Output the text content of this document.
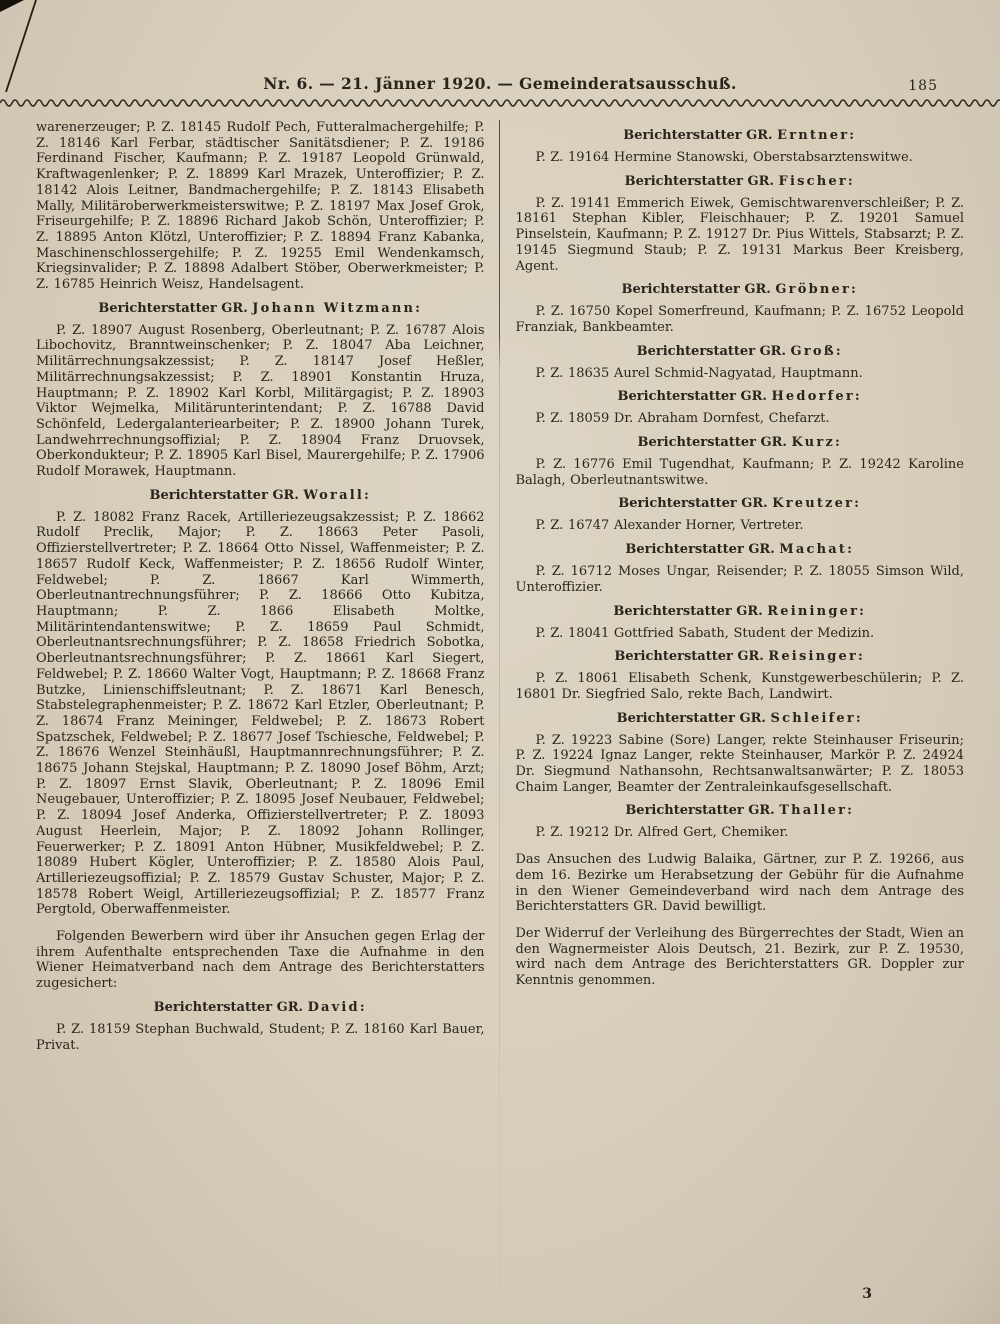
Nr. 6. — 21. Jänner 1920. — Gemeinderatsausschuß.	185

warenerzeuger; P. Z. 18145 Rudolf Pech, Futteralmachergehilfe; P. Z. 18146 Karl Ferbar, städtischer Sanitätsdiener; P. Z. 19186 Ferdinand Fischer, Kaufmann; P. Z. 19187 Leopold Grünwald, Kraftwagenlenker; P. Z. 18899 Karl Mrazek, Unteroffizier; P. Z. 18142 Alois Leitner, Bandmachergehilfe; P. Z. 18143 Elisabeth Mally, Militäroberwerkmeisterswitwe; P. Z. 18197 Max Josef Grok, Friseurgehilfe; P. Z. 18896 Richard Jakob Schön, Unteroffizier; P. Z. 18895 Anton Klötzl, Unteroffizier; P. Z. 18894 Franz Kabanka, Maschinenschlossergehilfe; P. Z. 19255 Emil Wendenkamsch, Kriegsinvalider; P. Z. 18898 Adalbert Stöber, Oberwerkmeister; P. Z. 16785 Heinrich Weisz, Handelsagent.

Berichterstatter GR. Johann Witzmann:

P. Z. 18907 August Rosenberg, Oberleutnant; P. Z. 16787 Alois Libochovitz, Branntweinschenker; P. Z. 18047 Aba Leichner, Militärrechnungsakzessist; P. Z. 18147 Josef Heßler, Militärrechnungsakzessist; P. Z. 18901 Konstantin Hruza, Hauptmann; P. Z. 18902 Karl Korbl, Militärgagist; P. Z. 18903 Viktor Wejmelka, Militärunterintendant; P. Z. 16788 David Schönfeld, Ledergalanteriearbeiter; P. Z. 18900 Johann Turek, Landwehrrechnungsoffizial; P. Z. 18904 Franz Druovsek, Oberkondukteur; P. Z. 18905 Karl Bisel, Maurergehilfe; P. Z. 17906 Rudolf Morawek, Hauptmann.

Berichterstatter GR. Worall:

P. Z. 18082 Franz Racek, Artilleriezeugsakzessist; P. Z. 18662 Rudolf Preclik, Major; P. Z. 18663 Peter Pasoli, Offizierstellvertreter; P. Z. 18664 Otto Nissel, Waffenmeister; P. Z. 18657 Rudolf Keck, Waffenmeister; P. Z. 18656 Rudolf Winter, Feldwebel; P. Z. 18667 Karl Wimmerth, Oberleutnantrechnungsführer; P. Z. 18666 Otto Kubitza, Hauptmann; P. Z. 1866 Elisabeth Moltke, Militärintendantenswitwe; P. Z. 18659 Paul Schmidt, Oberleutnantsrechnungsführer; P. Z. 18658 Friedrich Sobotka, Oberleutnantsrechnungsführer; P. Z. 18661 Karl Siegert, Feldwebel; P. Z. 18660 Walter Vogt, Hauptmann; P. Z. 18668 Franz Butzke, Linienschiffsleutnant; P. Z. 18671 Karl Benesch, Stabstelegraphenmeister; P. Z. 18672 Karl Etzler, Oberleutnant; P. Z. 18674 Franz Meininger, Feldwebel; P. Z. 18673 Robert Spatzschek, Feldwebel; P. Z. 18677 Josef Tschiesche, Feldwebel; P. Z. 18676 Wenzel Steinhäußl, Hauptmannrechnungsführer; P. Z. 18675 Johann Stejskal, Hauptmann; P. Z. 18090 Josef Böhm, Arzt; P. Z. 18097 Ernst Slavik, Oberleutnant; P. Z. 18096 Emil Neugebauer, Unteroffizier; P. Z. 18095 Josef Neubauer, Feldwebel; P. Z. 18094 Josef Anderka, Offizierstellvertreter; P. Z. 18093 August Heerlein, Major; P. Z. 18092 Johann Rollinger, Feuerwerker; P. Z. 18091 Anton Hübner, Musikfeldwebel; P. Z. 18089 Hubert Kögler, Unteroffizier; P. Z. 18580 Alois Paul, Artilleriezeugsoffizial; P. Z. 18579 Gustav Schuster, Major; P. Z. 18578 Robert Weigl, Artilleriezeugsoffizial; P. Z. 18577 Franz Pergtold, Oberwaffenmeister.

Folgenden Bewerbern wird über ihr Ansuchen gegen Erlag der ihrem Aufenthalte entsprechenden Taxe die Aufnahme in den Wiener Heimatverband nach dem Antrage des Berichterstatters zugesichert:

Berichterstatter GR. David:

P. Z. 18159 Stephan Buchwald, Student; P. Z. 18160 Karl Bauer, Privat.

Berichterstatter GR. Erntner:

P. Z. 19164 Hermine Stanowski, Oberstabsarztenswitwe.

Berichterstatter GR. Fischer:

P. Z. 19141 Emmerich Eiwek, Gemischtwarenverschleißer; P. Z. 18161 Stephan Kibler, Fleischhauer; P. Z. 19201 Samuel Pinselstein, Kaufmann; P. Z. 19127 Dr. Pius Wittels, Stabsarzt; P. Z. 19145 Siegmund Staub; P. Z. 19131 Markus Beer Kreisberg, Agent.

Berichterstatter GR. Gröbner:

P. Z. 16750 Kopel Somerfreund, Kaufmann; P. Z. 16752 Leopold Franziak, Bankbeamter.

Berichterstatter GR. Groß:

P. Z. 18635 Aurel Schmid-Nagyatad, Hauptmann.

Berichterstatter GR. Hedorfer:

P. Z. 18059 Dr. Abraham Dornfest, Chefarzt.

Berichterstatter GR. Kurz:

P. Z. 16776 Emil Tugendhat, Kaufmann; P. Z. 19242 Karoline Balagh, Oberleutnantswitwe.

Berichterstatter GR. Kreutzer:

P. Z. 16747 Alexander Horner, Vertreter.

Berichterstatter GR. Machat:

P. Z. 16712 Moses Ungar, Reisender; P. Z. 18055 Simson Wild, Unteroffizier.

Berichterstatter GR. Reininger:

P. Z. 18041 Gottfried Sabath, Student der Medizin.

Berichterstatter GR. Reisinger:

P. Z. 18061 Elisabeth Schenk, Kunstgewerbeschülerin; P. Z. 16801 Dr. Siegfried Salo, rekte Bach, Landwirt.

Berichterstatter GR. Schleifer:

P. Z. 19223 Sabine (Sore) Langer, rekte Steinhauser Friseurin; P. Z. 19224 Ignaz Langer, rekte Steinhauser, Markör P. Z. 24924 Dr. Siegmund Nathansohn, Rechtsanwaltsanwärter; P. Z. 18053 Chaim Langer, Beamter der Zentraleinkaufsgesellschaft.

Berichterstatter GR. Thaller:

P. Z. 19212 Dr. Alfred Gert, Chemiker.

Das Ansuchen des Ludwig Balaika, Gärtner, zur P. Z. 19266, aus dem 16. Bezirke um Herabsetzung der Gebühr für die Aufnahme in den Wiener Gemeindeverband wird nach dem Antrage des Berichterstatters GR. David bewilligt.

Der Widerruf der Verleihung des Bürgerrechtes der Stadt, Wien an den Wagnermeister Alois Deutsch, 21. Bezirk, zur P. Z. 19530, wird nach dem Antrage des Berichterstatters GR. Doppler zur Kenntnis genommen.

3
